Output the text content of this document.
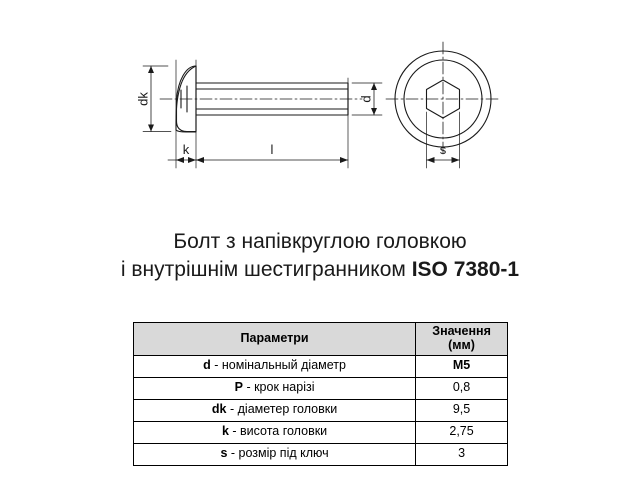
dk	d
k	l	s
Болт з напівкруглою головкою
і внутрішнім шестигранником ISO 7380-1
Параметри	Значення (мм)
d - номінальный діаметр	M5
P - крок нарізі	0,8
dk - діаметер головки	9,5
k - висота головки	2,75
s - розмір під ключ	3
